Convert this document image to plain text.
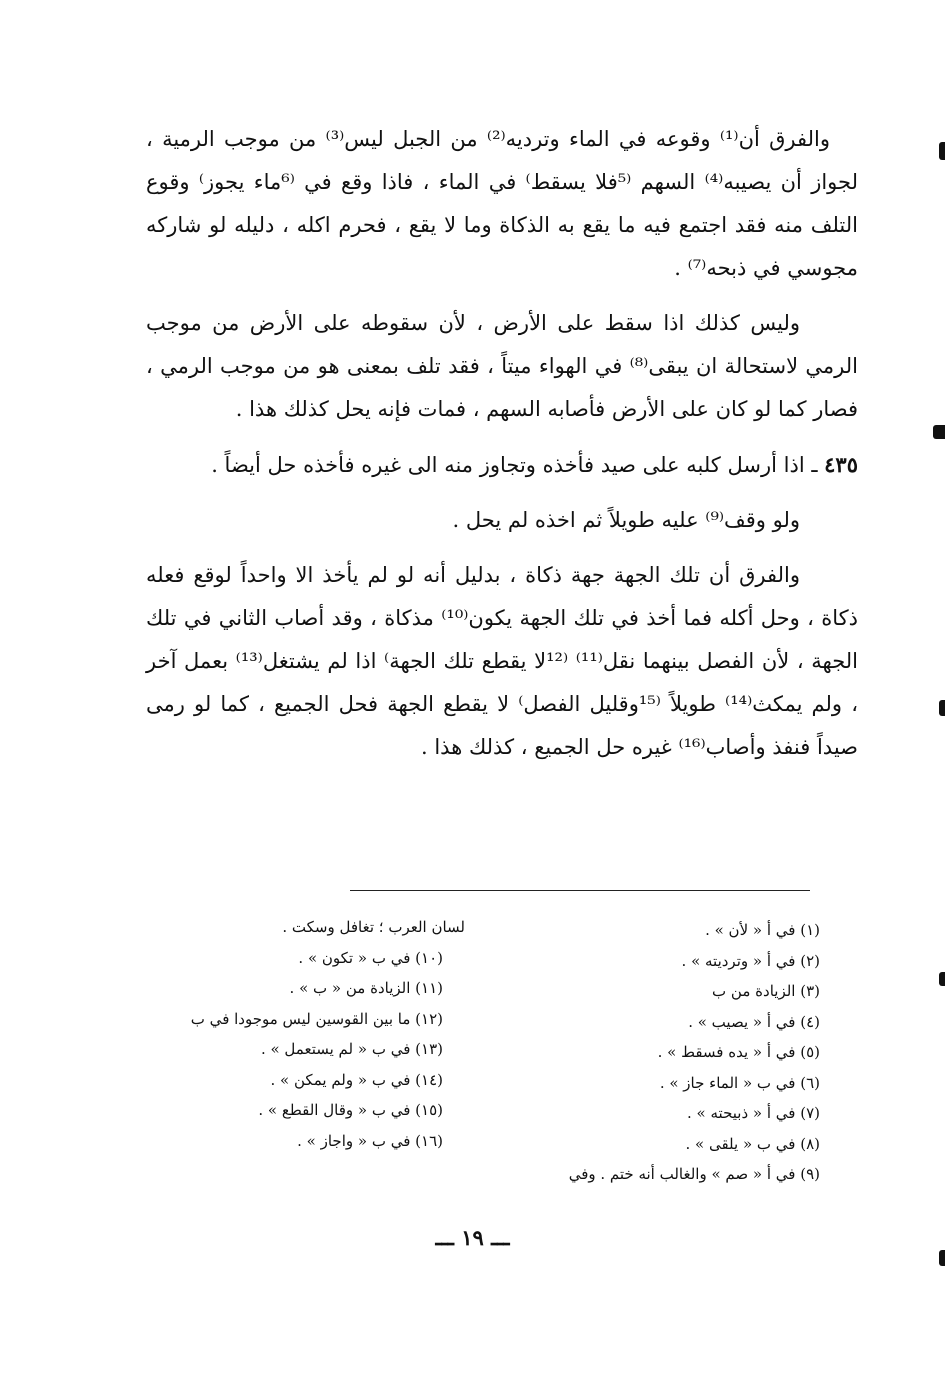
والفرق أن⁽¹⁾ وقوعه في الماء وترديه⁽²⁾ من الجبل ليس⁽³⁾ من موجب الرمية ، لجواز أن يصيبه⁽⁴⁾ السهم ⁽⁵فلا يسقط⁾ في الماء ، فاذا وقع في ⁽⁶ماء يجوز⁾ وقوع التلف منه فقد اجتمع فيه ما يقع به الذكاة وما لا يقع ، فحرم اكله ، دليله لو شاركه مجوسي في ذبحه⁽⁷⁾ .

وليس كذلك اذا سقط على الأرض ، لأن سقوطه على الأرض من موجب الرمي لاستحالة ان يبقى⁽⁸⁾ في الهواء ميتاً ، فقد تلف بمعنى هو من موجب الرمي ، فصار كما لو كان على الأرض فأصابه السهم ، فمات فإنه يحل كذلك هذا .

٤٣٥ ـ اذا أرسل كلبه على صيد فأخذه وتجاوز منه الى غيره فأخذه حل أيضاً .

ولو وقف⁽⁹⁾ عليه طويلاً ثم اخذه لم يحل .

والفرق أن تلك الجهة جهة ذكاة ، بدليل أنه لو لم يأخذ الا واحداً لوقع فعله ذكاة ، وحل أكله فما أخذ في تلك الجهة يكون⁽¹⁰⁾ مذكاة ، وقد أصاب الثاني في تلك الجهة ، لأن الفصل بينهما نقل⁽¹¹⁾ ⁽¹²لا يقطع تلك الجهة⁾ اذا لم يشتغل⁽¹³⁾ بعمل آخر ، ولم يمكث⁽¹⁴⁾ طويلاً ⁽¹⁵وقليل الفصل⁾ لا يقطع الجهة فحل الجميع ، كما لو رمى صيداً فنفذ وأصاب⁽¹⁶⁾ غيره حل الجميع ، كذلك هذا .

(١) في أ « لأن » .
(٢) في أ « وترديته » .
(٣) الزيادة من ب
(٤) في أ « يصيب » .
(٥) في أ « يده فسقط » .
(٦) في ب « الماء جاز » .
(٧) في أ « ذبيحته » .
(٨) في ب « يلقى » .
(٩) في أ « صم » والغالب أنه ختم . وفي
لسان العرب ؛ تغافل وسكت .
(١٠) في ب « تكون » .
(١١) الزيادة من « ب » .
(١٢) ما بين القوسين ليس موجودا في ب
(١٣) في ب « لم يستعمل » .
(١٤) في ب « ولم يمكن » .
(١٥) في ب « وقال القطع » .
(١٦) في ب « واجاز » .
ـــ ١٩ ـــ
